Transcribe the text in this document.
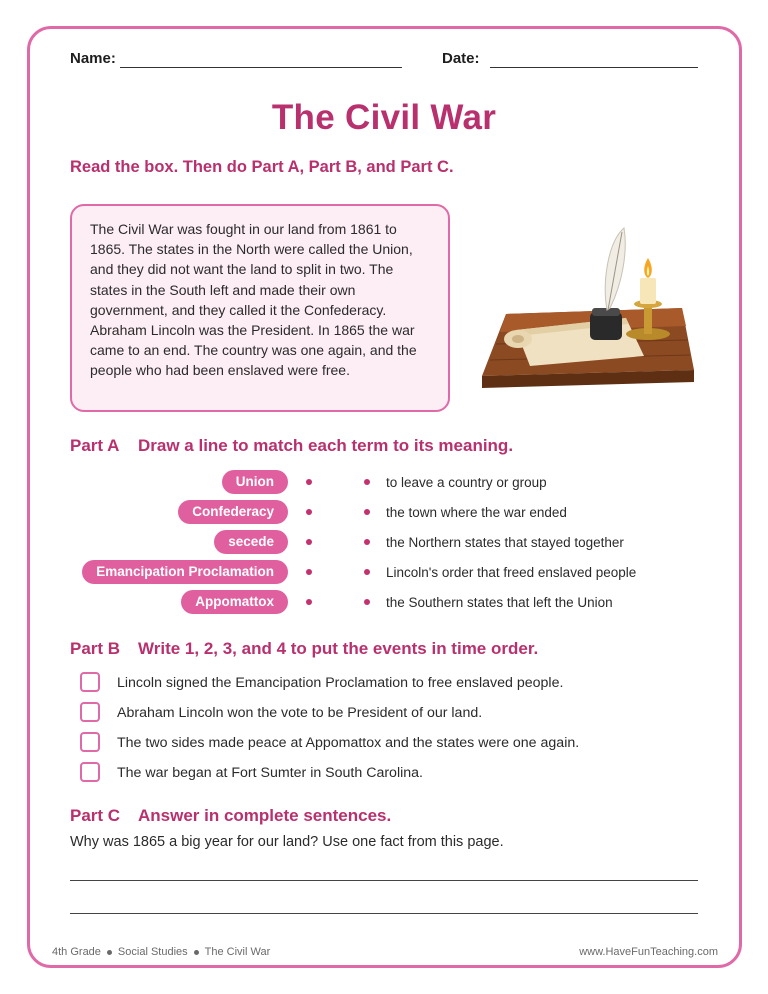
Name:	Date:
The Civil War
Read the box. Then do Part A, Part B, and Part C.

The Civil War was fought in our land from 1861 to 1865. The states in the North were called the Union, and they did not want the land to split in two. The states in the South left and made their own government, and they called it the Confederacy. Abraham Lincoln was the President. In 1865 the war came to an end. The country was one again, and the people who had been enslaved were free.

Part A Draw a line to match each term to its meaning.
Union
Confederacy
secede
Emancipation Proclamation
Appomattox
to leave a country or group
the town where the war ended
the Northern states that stayed together
Lincoln's order that freed enslaved people
the Southern states that left the Union
Part B Write 1, 2, 3, and 4 to put the events in time order.
Lincoln signed the Emancipation Proclamation to free enslaved people.
Abraham Lincoln won the vote to be President of our land.
The two sides made peace at Appomattox and the states were one again.
The war began at Fort Sumter in South Carolina.
Part C Answer in complete sentences.
Why was 1865 a big year for our land? Use one fact from this page.
4th Grade Social Studies The Civil War	www.HaveFunTeaching.com
